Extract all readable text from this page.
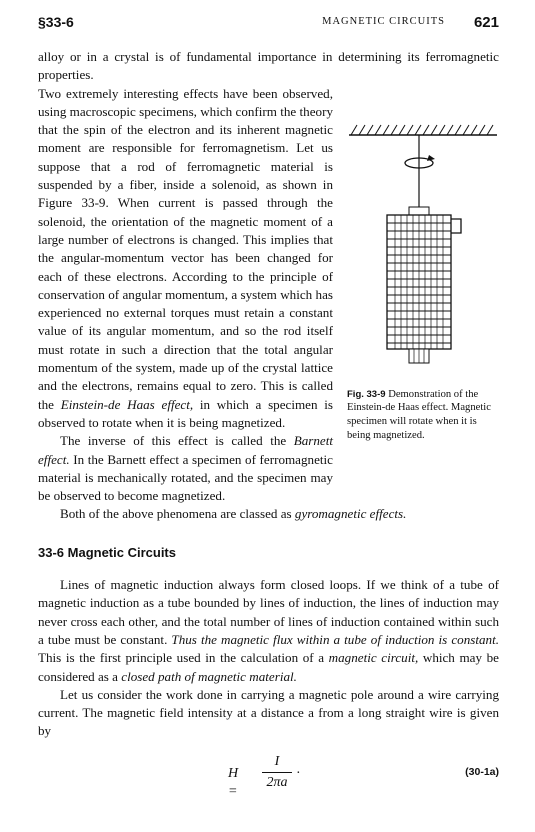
§33-6	MAGNETIC CIRCUITS 621

alloy or in a crystal is of fundamental importance in determining its ferromagnetic properties.

Fig. 33-9 Demonstration of the Einstein-de Haas effect. Magnetic specimen will rotate when it is being magnetized.
Two extremely interesting effects have been observed, using macroscopic specimens, which confirm the theory that the spin of the electron and its inherent magnetic moment are responsible for ferromagnetism. Let us suppose that a rod of ferromagnetic material is suspended by a fiber, inside a solenoid, as shown in Figure 33-9. When current is passed through the solenoid, the orientation of the magnetic moment of a large number of electrons is changed. This implies that the angular-momentum vector has been changed for each of these electrons. According to the principle of conservation of angular momentum, a system which has experienced no external torques must retain a constant value of its angular momentum, and so the rod itself must rotate in such a direction that the total angular momentum of the system, made up of the crystal lattice and the electrons, remains equal to zero. This is called the Einstein-de Haas effect, in which a specimen is observed to rotate when it is being magnetized.

The inverse of this effect is called the Barnett effect. In the Barnett effect a specimen of ferromagnetic material is mechanically rotated, and the specimen may be observed to become magnetized.

Both of the above phenomena are classed as gyromagnetic effects.

33-6 Magnetic Circuits

Lines of magnetic induction always form closed loops. If we think of a tube of magnetic induction as a tube bounded by lines of induction, the lines of induction may never cross each other, and the total number of lines of induction contained within such a tube must be constant. Thus the magnetic flux within a tube of induction is constant. This is the first principle used in the calculation of a magnetic circuit, which may be considered as a closed path of magnetic material.

Let us consider the work done in carrying a magnetic pole around a wire carrying current. The magnetic field intensity at a distance a from a long straight wire is given by

$H = \frac{I}{2\pi a}$ ·	(30-1a)
